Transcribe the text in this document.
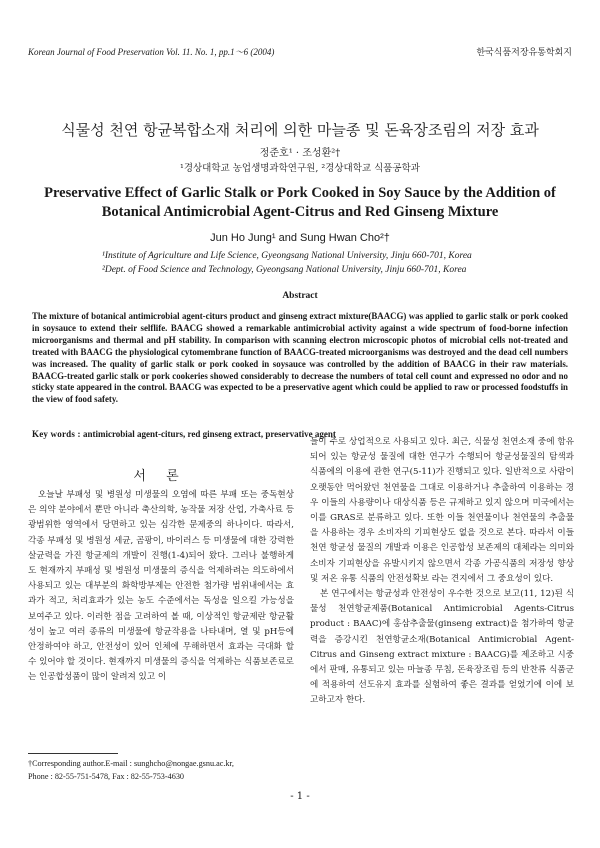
Korean Journal of Food Preservation Vol. 11. No. 1, pp.1～6 (2004)	한국식품저장유통학회지
식물성 천연 항균복합소재 처리에 의한 마늘종 및 돈육장조림의 저장 효과
정준호¹ · 조성환²†
¹경상대학교 농업생명과학연구원, ²경상대학교 식품공학과
Preservative Effect of Garlic Stalk or Pork Cooked in Soy Sauce by the Addition of
Botanical Antimicrobial Agent-Citrus and Red Ginseng Mixture
Jun Ho Jung¹ and Sung Hwan Cho²†
¹Institute of Agriculture and Life Science, Gyeongsang National University, Jinju 660-701, Korea
²Dept. of Food Science and Technology, Gyeongsang National University, Jinju 660-701, Korea
Abstract
The mixture of botanical antimicrobial agent-citurs product and ginseng extract mixture(BAACG) was applied to garlic stalk or pork cooked in soysauce to extend their selflife. BAACG showed a remarkable antimicrobial activity against a wide spectrum of food-borne infection microorganisms and thermal and pH stability. In comparison with scanning electron microscopic photos of microbial cells not-treated and treated with BAACG the physiological cytomembrane function of BAACG-treated microorganisms was destroyed and the dead cell numbers was increased. The quality of garlic stalk or pork cooked in soysauce was controlled by the addition of BAACG in their raw materials. BAACG-treated garlic stalk or pork cookeries showed considerably to decrease the numbers of total cell count and expressed no odor and no sticky state appeared in the control. BAACG was expected to be a preservative agent which could be applied to raw or processed foodstuffs in the view of food safety.
Key words : antimicrobial agent-citurs, red ginseng extract, preservative agent
서 론
오늘날 부패성 및 병원성 미생물의 오염에 따른 부패 또는 중독현상은 의약 분야에서 뿐만 아니라 축산의학, 농작물 저장 산업, 가축사료 등 광범위한 영역에서 당면하고 있는 심각한 문제중의 하나이다. 따라서, 각종 부패성 및 병원성 세균, 곰팡이, 바이러스 등 미생물에 대한 강력한 살균력을 가진 항균제의 개발이 진행(1-4)되어 왔다. 그러나 불행하게도 현재까지 부패성 및 병원성 미생물의 증식을 억제하려는 의도하에서 사용되고 있는 대부분의 화학방부제는 안전한 첨가량 범위내에서는 효과가 적고, 처리효과가 있는 농도 수준에서는 독성을 일으킬 가능성을 보여주고 있다. 이러한 점을 고려하여 볼 때, 이상적인 항균제란 항균활성이 높고 여러 종류의 미생물에 항균작용을 나타내며, 열 및 pH등에 안정하여야 하고, 안전성이 있어 인체에 무해하면서 효과는 극대화 할 수 있어야 할 것이다. 현재까지 미생물의 증식을 억제하는 식품보존료로는 인공합성품이 많이 알려져 있고 이

들이 주로 상업적으로 사용되고 있다. 최근, 식물성 천연소재 중에 함유되어 있는 항균성 물질에 대한 연구가 수행되어 항균성물질의 탐색과 식품에의 이용에 관한 연구(5-11)가 진행되고 있다. 일반적으로 사람이 오랫동안 먹어왔던 천연물을 그대로 이용하거나 추출하여 이용하는 경우 이들의 사용량이나 대상식품 등은 규제하고 있지 않으며 미국에서는 이를 GRAS로 분류하고 있다. 또한 이들 천연물이나 천연물의 추출물을 사용하는 경우 소비자의 기피현상도 없을 것으로 본다. 따라서 이들 천연 항균성 물질의 개발과 이용은 인공합성 보존제의 대체라는 의미와 소비자 기피현상을 유발시키지 않으면서 각종 가공식품의 저장성 향상 및 저온 유통 식품의 안전성확보 라는 견지에서 그 중요성이 있다.

본 연구에서는 항균성과 안전성이 우수한 것으로 보고(11, 12)된 식물성 천연항균제품(Botanical Antimicrobial Agents-Citrus product : BAAC)에 홍삼추출물(ginseng extract)을 첨가하여 항균력을 증강시킨 천연항균소재(Botanical Antimicrobial Agent-Citrus and Ginseng extract mixture : BAACG)를 제조하고 시중에서 판매, 유통되고 있는 마늘종 무침, 돈육장조림 등의 반찬류 식품군에 적용하여 선도유지 효과를 실험하여 좋은 결과를 얻었기에 이에 보고하고자 한다.

†Corresponding author.E-mail : sunghcho@nongae.gsnu.ac.kr,
Phone : 82-55-751-5478, Fax : 82-55-753-4630
- 1 -
